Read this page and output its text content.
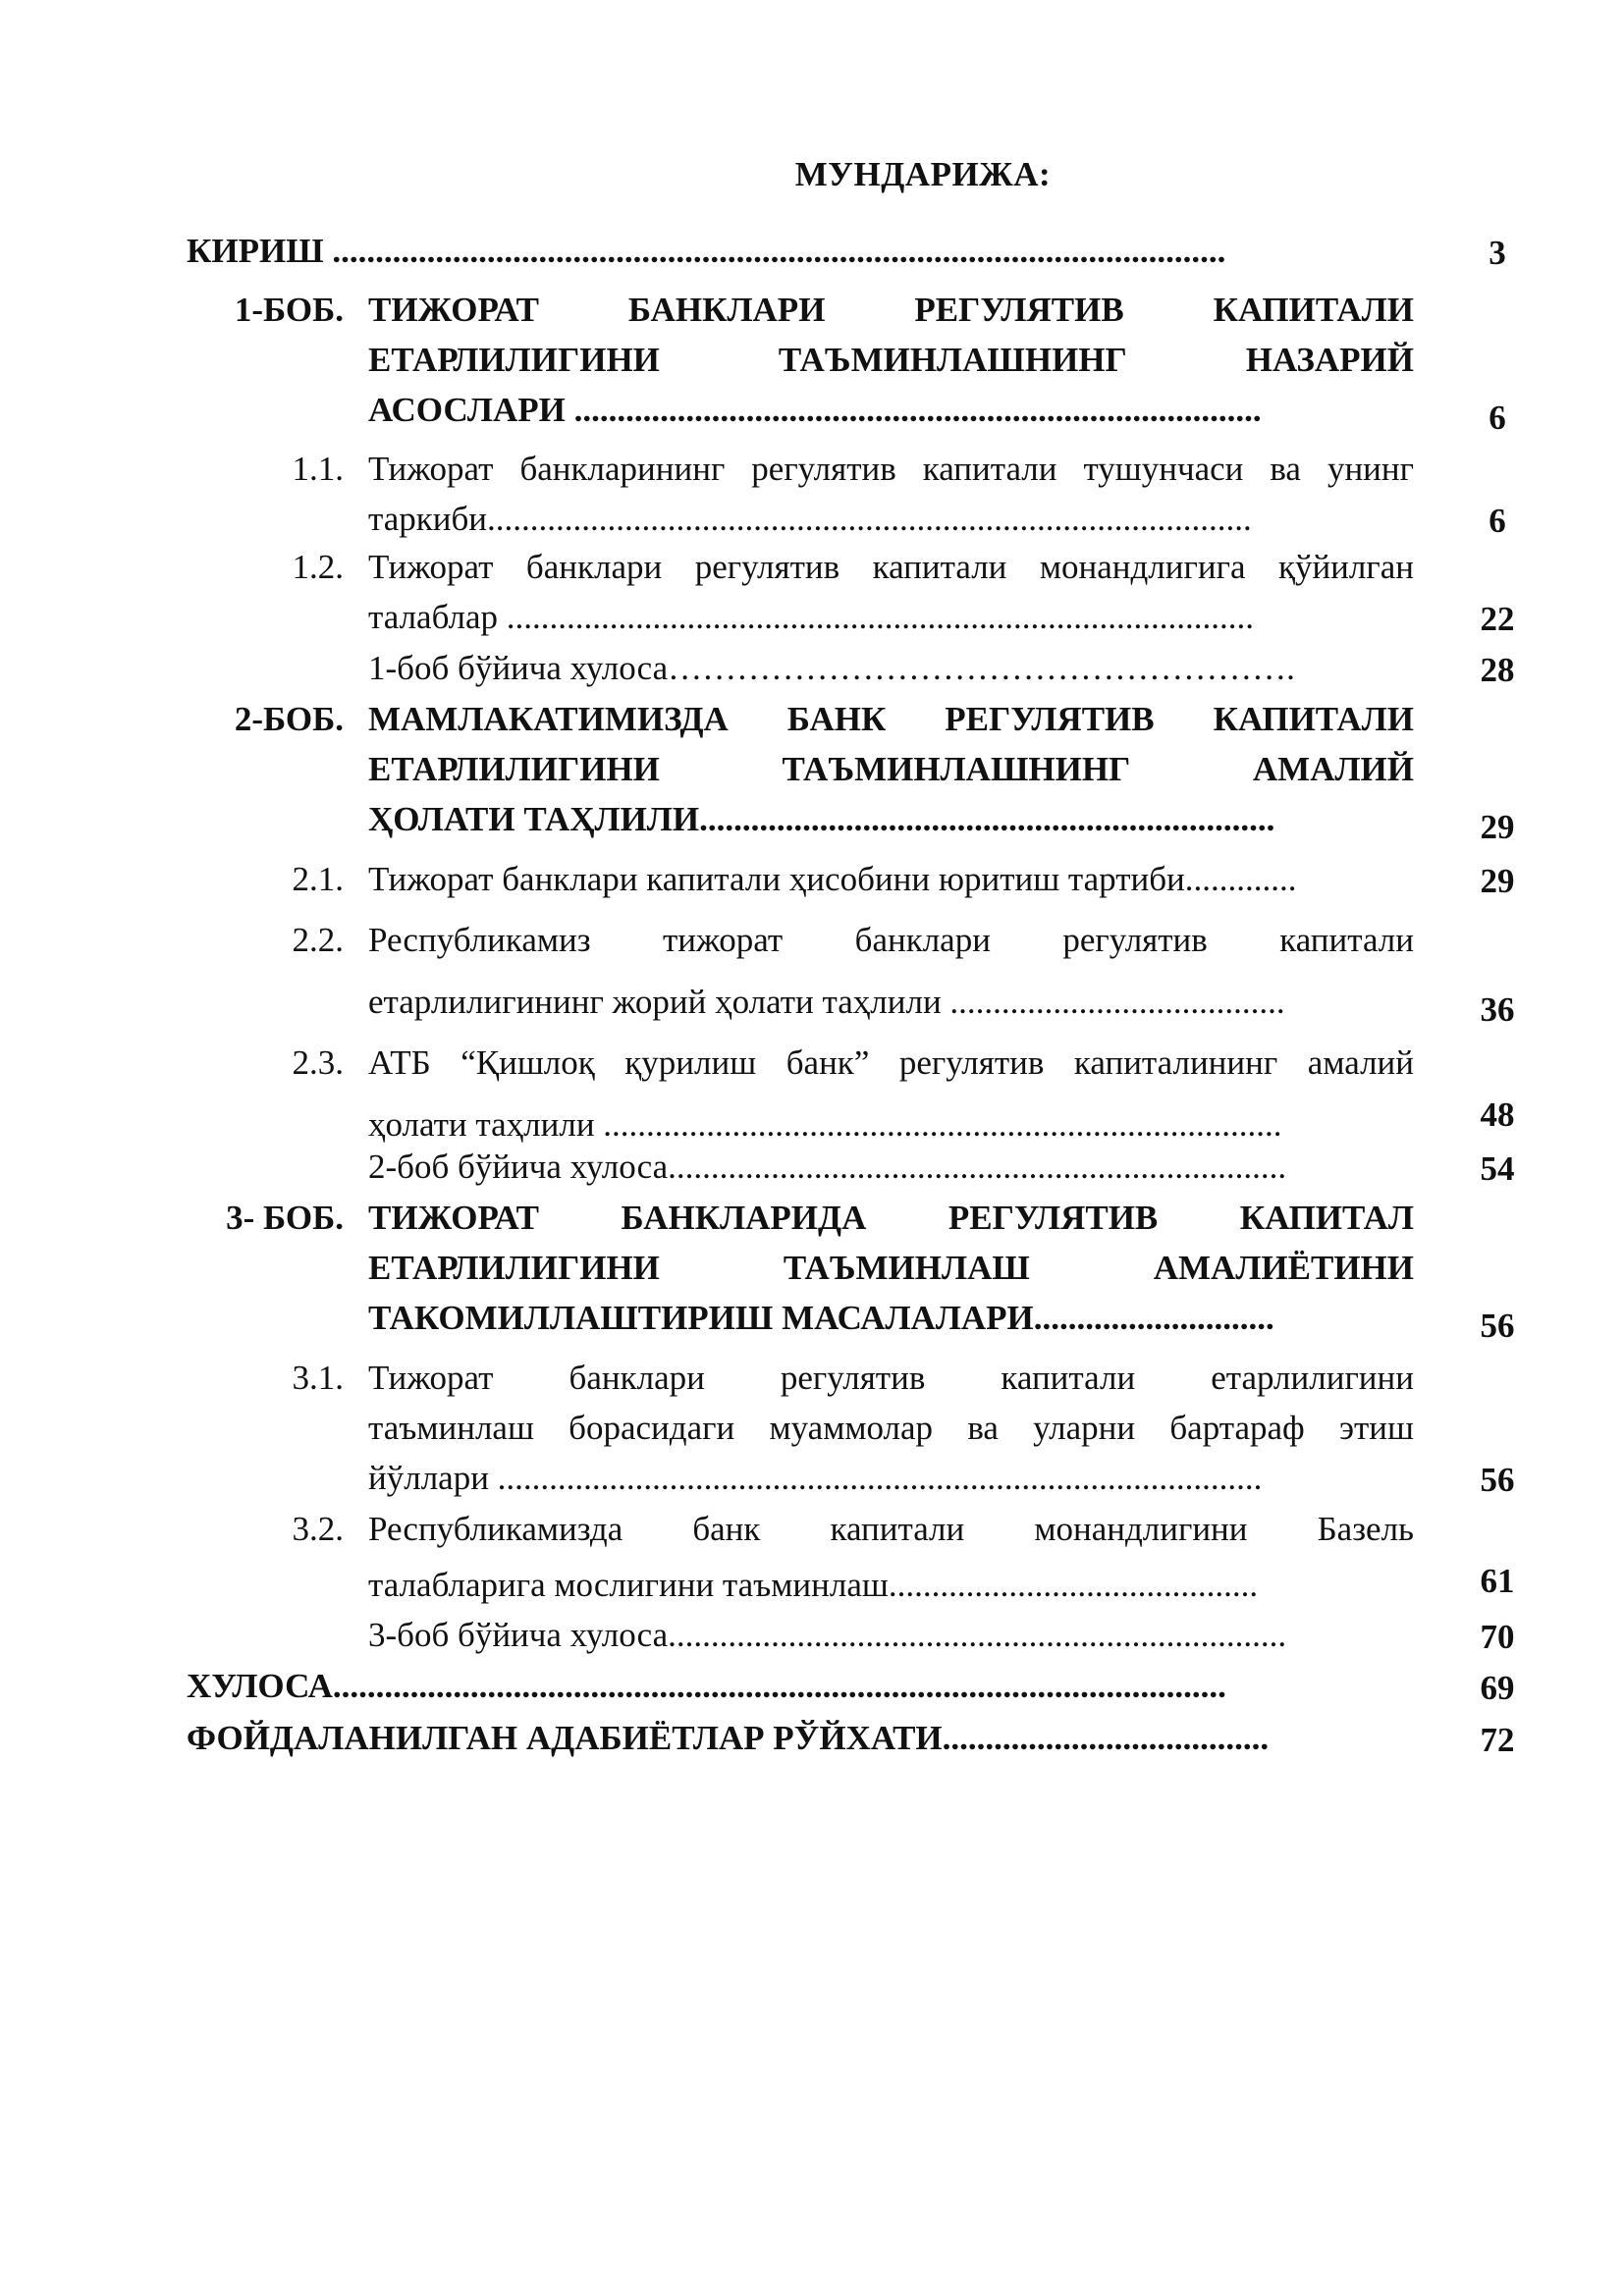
МУНДАРИЖА:
КИРИШ ........................................................................................................	3
1-БОБ. ТИЖОРАТ БАНКЛАРИ РЕГУЛЯТИВ КАПИТАЛИ
ЕТАРЛИЛИГИНИ ТАЪМИНЛАШНИНГ НАЗАРИЙ
АСОСЛАРИ ................................................................................	6
1.1. Тижорат банкларининг регулятив капитали тушунчаси ва унинг
таркиби.........................................................................................	6
1.2. Тижорат банклари регулятив капитали монандлигига қўйилган
талаблар .......................................................................................	22
1-боб бўйича хулоса……………………………………………….	28
2-БОБ. МАМЛАКАТИМИЗДА БАНК РЕГУЛЯТИВ КАПИТАЛИ
ЕТАРЛИЛИГИНИ ТАЪМИНЛАШНИНГ АМАЛИЙ
ҲОЛАТИ ТАҲЛИЛИ...................................................................	29
2.1. Тижорат банклари капитали ҳисобини юритиш тартиби.............	29
2.2. Республикамиз тижорат банклари регулятив капитали
етарлилигининг жорий ҳолати таҳлили .......................................	36
2.3. АТБ “Қишлоқ қурилиш банк” регулятив капиталининг амалий
ҳолати таҳлили ...............................................................................	48
2-боб бўйича хулоса........................................................................	54
3- БОБ. ТИЖОРАТ БАНКЛАРИДА РЕГУЛЯТИВ КАПИТАЛ
ЕТАРЛИЛИГИНИ ТАЪМИНЛАШ АМАЛИЁТИНИ
ТАКОМИЛЛАШТИРИШ МАСАЛАЛАРИ............................	56
3.1. Тижорат банклари регулятив капитали етарлилигини
таъминлаш борасидаги муаммолар ва уларни бартараф этиш
йўллари .........................................................................................	56
3.2. Республикамизда банк капитали монандлигини Базель
талабларига мослигини таъминлаш...........................................	61
3-боб бўйича хулоса........................................................................	70
ХУЛОСА........................................................................................................	69
ФОЙДАЛАНИЛГАН АДАБИЁТЛАР РЎЙХАТИ......................................	72
